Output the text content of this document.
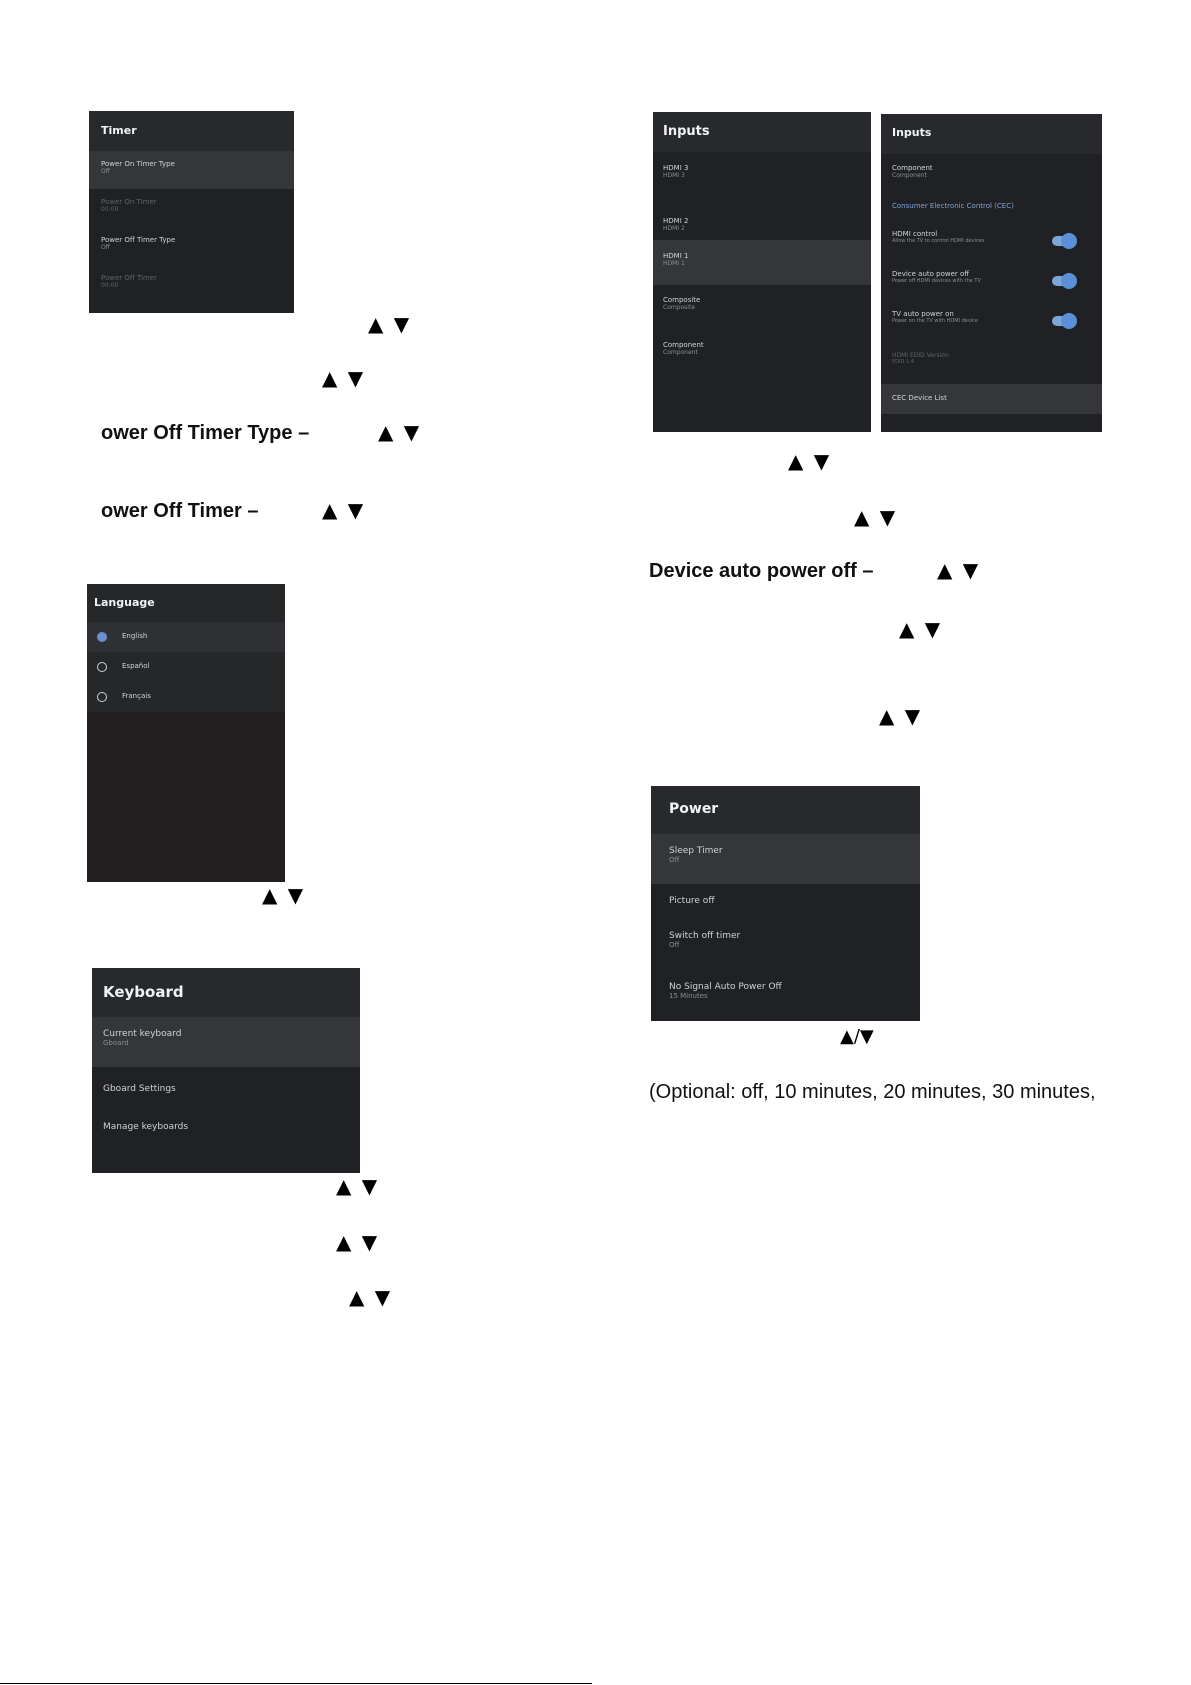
Timer
Power On Timer Type
Off
Power On Timer
00:00
Power Off Timer Type
Off
Power Off Timer
00:00
▲ ▼
▲ ▼
ower Off Timer Type –	▲ ▼
ower Off Timer –	▲ ▼
Language
English
Español
Français
▲ ▼
Keyboard
Current keyboard
Gboard
Gboard Settings
Manage keyboards
▲ ▼
▲ ▼
▲ ▼
Inputs
HDMI 3
HDMI 3
HDMI 2
HDMI 2
HDMI 1
HDMI 1
Composite
Composite
Component
Component
Inputs
Component
Component
Consumer Electronic Control (CEC)
HDMI control
Allow the TV to control HDMI devices
Device auto power off
Power off HDMI devices with the TV
TV auto power on
Power on the TV with HDMI device
HDMI EDID Version
EDID 1.4
CEC Device List
▲ ▼
▲ ▼
Device auto power off –	▲ ▼
▲ ▼
▲ ▼
Power
Sleep Timer
Off
Picture off
Switch off timer
Off
No Signal Auto Power Off
15 Minutes
▲/▼
(Optional: off, 10 minutes, 20 minutes, 30 minutes,
